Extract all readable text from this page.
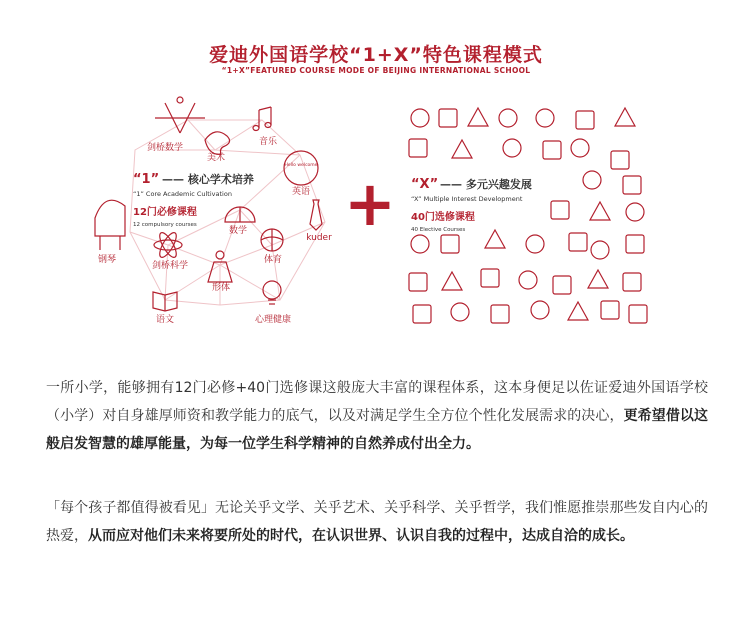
爱迪外国语学校“1+X”特色课程模式
“1+X”FEATURED COURSE MODE OF BEIJING INTERNATIONAL SCHOOL
剑桥数学
美术
音乐
英语
Hello welcome
钢琴
数学
kuder
剑桥科学
体育
形体
语文	心理健康
“1” —— 核心学术培养
“1” Core Academic Cultivation
12门必修课程
12 compulsory courses + “X” —— 多元兴趣发展
“X” Multiple Interest Development
40门选修课程
40 Elective Courses
一所小学，能够拥有12门必修+40门选修课这般庞大丰富的课程体系，这本身便足以佐证爱迪外国语学校（小学）对自身雄厚师资和教学能力的底气，以及对满足学生全方位个性化发展需求的决心，更希望借以这般启发智慧的雄厚能量，为每一位学生科学精神的自然养成付出全力。
「每个孩子都值得被看见」无论关乎文学、关乎艺术、关乎科学、关乎哲学，我们惟愿推崇那些发自内心的热爱，从而应对他们未来将要所处的时代，在认识世界、认识自我的过程中，达成自洽的成长。
